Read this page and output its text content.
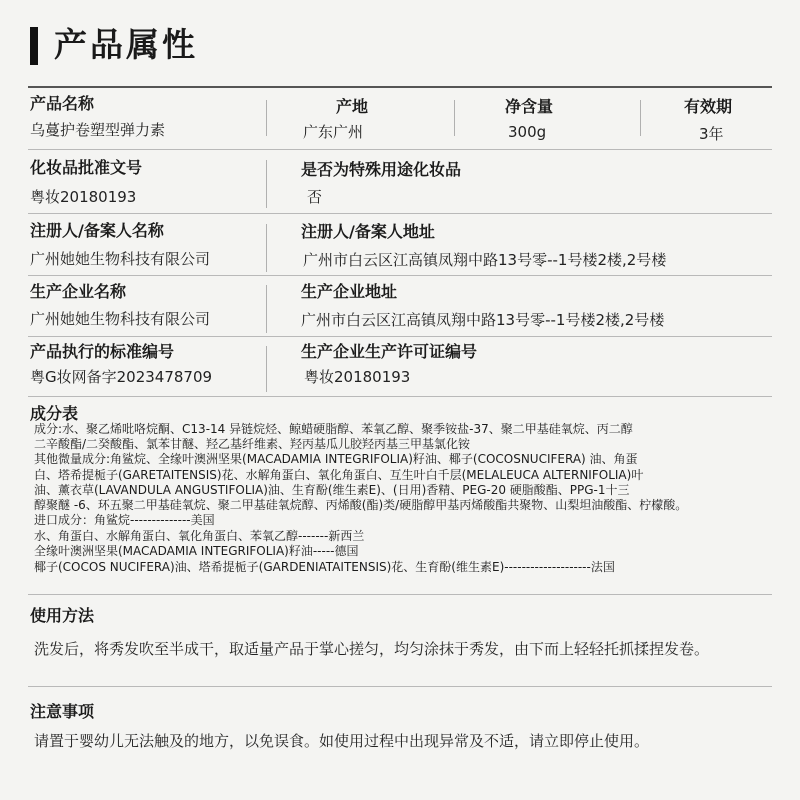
产品属性
产品名称
乌蔓护卷塑型弹力素
产地
广东广州
净含量
300g
有效期
3年
化妆品批准文号
粤妆20180193
是否为特殊用途化妆品
否
注册人/备案人名称
广州她她生物科技有限公司
注册人/备案人地址
广州市白云区江高镇凤翔中路13号零--1号楼2楼,2号楼
生产企业名称
广州她她生物科技有限公司
生产企业地址
广州市白云区江高镇凤翔中路13号零--1号楼2楼,2号楼
产品执行的标准编号
粤G妆网备字2023478709
生产企业生产许可证编号
粤妆20180193
成分表
成分:水、聚乙烯吡咯烷酮、C13-14 异链烷烃、鲸蜡硬脂醇、苯氧乙醇、聚季铵盐-37、聚二甲基硅氧烷、丙二醇
二辛酸酯/二癸酸酯、氯苯甘醚、羟乙基纤维素、羟丙基瓜儿胶羟丙基三甲基氯化铵
其他微量成分:角鲨烷、全缘叶澳洲坚果(MACADAMIA INTEGRIFOLIA)籽油、椰子(COCOSNUCIFERA) 油、角蛋
白、塔希提栀子(GARETAITENSIS)花、水解角蛋白、氧化角蛋白、互生叶白千层(MELALEUCA ALTERNIFOLIA)叶
油、薰衣草(LAVANDULA ANGUSTIFOLIA)油、生育酚(维生素E)、(日用)香精、PEG-20 硬脂酸酯、PPG-1十三
醇聚醚 -6、环五聚二甲基硅氧烷、聚二甲基硅氧烷醇、丙烯酸(酯)类/硬脂醇甲基丙烯酸酯共聚物、山梨坦油酸酯、柠檬酸。
进口成分：角鲨烷--------------美国
水、角蛋白、水解角蛋白、氧化角蛋白、苯氧乙醇-------新西兰
全缘叶澳洲坚果(MACADAMIA INTEGRIFOLIA)籽油-----德国
椰子(COCOS NUCIFERA)油、塔希提栀子(GARDENIATAITENSIS)花、生育酚(维生素E)--------------------法国
使用方法
洗发后，将秀发吹至半成干，取适量产品于掌心搓匀，均匀涂抹于秀发，由下而上轻轻托抓揉捏发卷。
注意事项
请置于婴幼儿无法触及的地方，以免误食。如使用过程中出现异常及不适，请立即停止使用。
